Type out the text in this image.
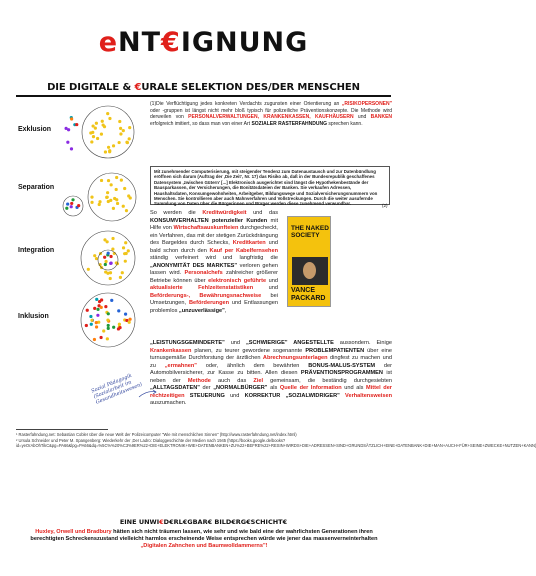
eNT€IGNUNG
DIE DIGITALE & €URALE SELEKTION DES/DER MENSCHEN
Exklusion
Separation
Integration
Inklusion

(1)Die Verflüchtigung jedes konkreten Verdachts zugunsten einer Orientierung an „RISIKOPERSONEN" oder -gruppen ist längst nicht mehr bloß typisch für polizeiliche Präventionskonzepte. Die Methode wird derweilen von PERSONALVERWALTUNGEN, KRANKENKASSEN, KAUFHÄUSERN und BANKEN erfolgreich imitiert, so dass man von einer Art SOZIALER RASTERFAHNDUNG sprechen kann.

Mit zunehmender Computerisierung, mit steigender Tendenz zum Datenaustausch und zur Datenbündlung eröffnen sich darum (Auftrag der ‚Die Zeit‘, Nr. 17) das Risiko ab, daß in der Bundesrepublik geschaffenes Datensystem ‚zwischen Gütern' [...] Elektronisch ausgerichtet sind längst die Hypothekenbestände der Bausparkassen, der Versicherungen, die Bonitätsdateien der Banken. Sie verkaufen Adressen, Haushaltsdaten, Konsumgewohnheiten, Arbeitgeber, Bildungswege und Sozialversicherungsnummern von Menschen. Sie kontrollieren aber auch Mahnverfahren und Vollstreckungen. Durch die weiter ausufernde Sammlung von Daten über die Bürgerinnen und Bürger werden diese zunehmend verwundbar.	(2)
So werden die Kreditwürdigkeit und das KONSUMVERHALTEN potenzieller Kunden mit Hilfe von Wirtschaftsauskunfteien durchgecheckt, ein Verfahren, das mit der stetigen Zurückdrängung des Bargeldes durch Schecks, Kreditkarten und bald schon durch den Kauf per Kabelfernsehen ständig verfeinert wird und langfristig die „ANONYMITÄT DES MARKTES" verloren gehen lassen wird. Personalchefs zahlreicher größerer Betriebe können über elektronisch geführte und aktualisierte Fehlzeitenstatistiken und Beförderungs-, Bewährungsnachweise bei Umsetzungen, Beförderungen und Entlassungen problemlos „unzuverlässige",
THE NAKED SOCIETY
VANCE PACKARD
„LEISTUNGSGEMINDERTE" und „SCHWIERIGE" ANGESTELLTE aussondern. Einige Krankenkassen planen, zu teurer gewordene sogenannte PROBLEMPATIENTEN über eine turnusgemäße Durchforstung der ärztlichen Abrechnungsunterlagen dingfest zu machen und zu „ermahnen" oder, ähnlich dem bewährten BONUS-MALUS-SYSTEM der Automobilversicherer, zur Kasse zu bitten. Allen diesen PRÄVENTIONSPROGRAMMEN ist neben der Methode auch das Ziel gemeinsam, die beständig durchgesiebten „ALLTAGSDATEN" der „NORMALBÜRGER" als Quelle der Information und als Mittel der rechtzeitigen STEUERUNG und KORREKTUR „SOZIALWIDRIGER" Verhaltensweisen auszumachen.
Sozial Pädagogik (Sozialarbeit im Gesundheitswesen)
¹ Rasterfahndung.net: Sebastian Cobler über die neue Welt der Polizeicomputer "Wie mit menschlichen Sinnen" (http://www.rasterfahndung.net/index.html)
² Ursula Schneider und Peter M. Spangenberg: Wiederkehr der ‚Der Ladro: Dialoggeschichte der Medien nach 1945 (https://books.google.de/books?id=yeOrAbOhTikC&pg=PA66&lpg=PA66&dq=%5C%%20%C3%9ER%22+DIE+ELEKTRONIK+WIE+DATENBANKEN+ZU%22+BEFRE%22+RESIN+WIRDS+DIE+ADRESSEN+SIND+GRUNDSÄTZLICH+EINE+DATENBANK+DIE+MAN+AUCH+FÜR+SEINE+ZWECKE+NUTZEN+KANN)
EINE UNWI€D€RL€GBAR€ BILD€RG€SCHICHT€
Huxley, Orwell und Bradbury hätten sich nicht träumen lassen, wie sehr und wie bald eine der wahrlichsten Generationen ihren berechtigten Schreckenszustand vielleicht harmlos erscheinende Weise entsprechen würde wie jener das massenverneinterhalten „Digitalen Zahnchen und Baumwolldammerns"!
